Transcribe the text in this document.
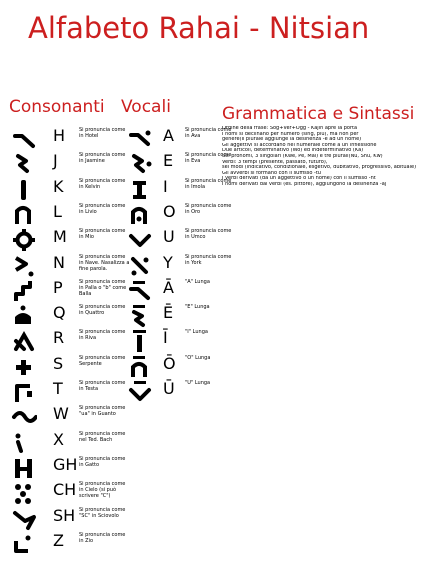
Alfabeto Rahai - Nitsian
Consonanti Vocali	Grammatica e Sintassi
H	Si pronuncia come in Hotel
J	Si pronuncia come in Jasmine
K	Si pronuncia come in Kelvin
L	Si pronuncia come in Livio
M Si pronuncia come in Mio
N	Si pronuncia come in Nave. Nasalizza a fine parola.
P	Si pronuncia come in Palla o "b" come Balla
Q	Si pronuncia come in Quattro
R	Si pronuncia come in Riva
S	Si pronuncia come Serpente
T	Si pronuncia come in Testa
W Si pronuncia come "ua" in Guanto
X	Si pronuncia come nel Ted. Bach
GH Si pronuncia come in Gatto
CH Si pronuncia come in Cielo (si può scrivere "C")
SH Si pronuncia come "SC" in Sciovolo
Z	Si pronuncia come in Zio
A Si pronuncia come in Ava
E Si pronuncia come in Eva
I	Si pronuncia come in Imola
O Si pronuncia come in Oro
U Si pronuncia come in Umco
Y Si pronuncia come in York
Ā "A" Lunga
Ē "E" Lunga
Ī	"I" Lunga
Ō "O" Lunga
Ū "U" Lunga
Ordine della frase: Sog+Ver+Ogg - Kajin apre la porta
I nomi si declinano per numero (sing, plu), ma non per
genere(Il plurale aggiunge la desinenza -e ad un nome)
Gli aggettivi si accordano nel numerale come a un inflessione
Due articoli, determinativo (Wo) ed indeterminativo (Ka)
Sei pronomi, 3 singolari (Kwe, Pe, Mai) e tre plurali(Nu, Shu, Kw)
Verbi: 3 tempi (presente, passato, futuro),
sei modi (indicativo, condizionale, esgetivo, dubitativo, progressivo, abituale)
Gli avverbi si formano con il suffisso -tu
I verbi derivati (da un aggettivo o un nome) con il suffisso -nt
I nomi derivati dai verbi (es. pittore), aggiungono la desinenza -aj
